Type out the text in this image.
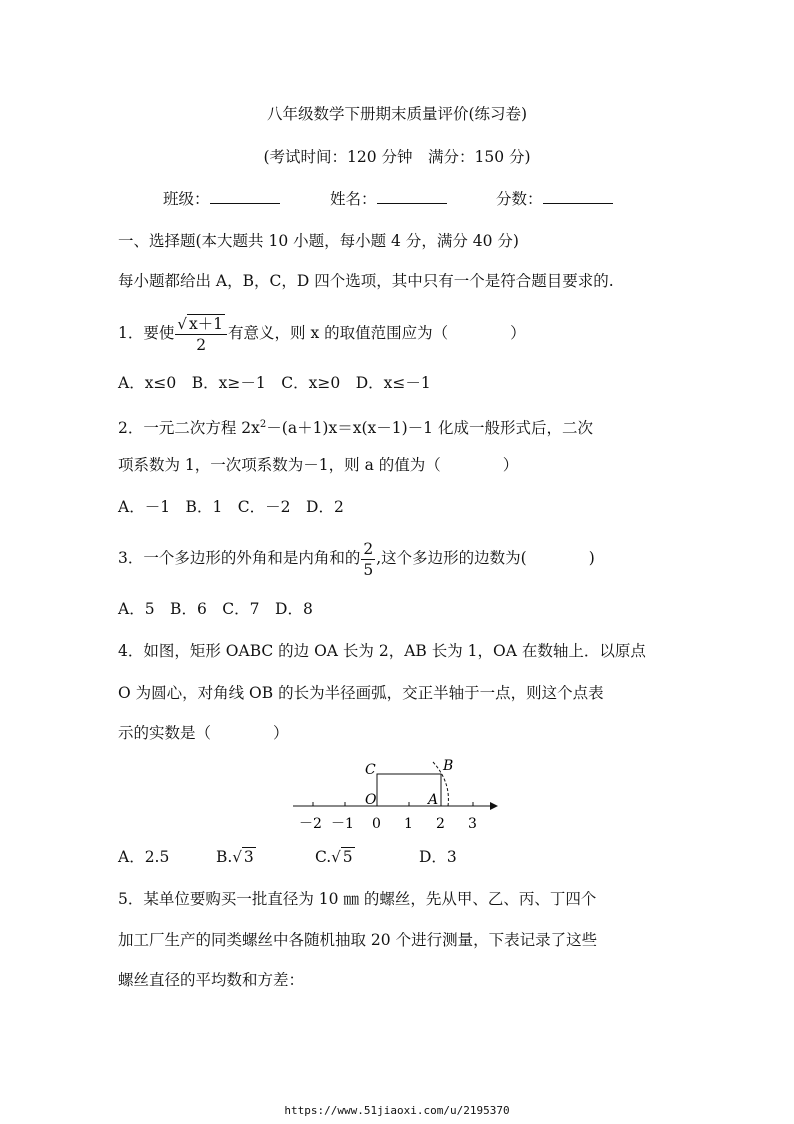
八年级数学下册期末质量评价(练习卷)
(考试时间：120 分钟　满分：150 分)
班级：	姓名：	分数：
一、选择题(本大题共 10 小题，每小题 4 分，满分 40 分)
每小题都给出 A，B，C，D 四个选项，其中只有一个是符合题目要求的.
1．要使 $\frac{√ x+1}{2}$ 有意义，则 x 的取值范围应为（　　　　）
A．x≤0　B．x≥－1　C．x≥0　D．x≤－1
2．一元二次方程 $2x^2-(a+1)x=x(x-1)-1$ 化成一般形式后，二次
项系数为 1，一次项系数为－1，则 a 的值为（　　　　）
A．－1　B．1　C．－2　D．2
3．一个多边形的外角和是内角和的 $\frac{2}{5}$ ,这个多边形的边数为(　　　　)
A．5　B．6　C．7　D．8
4．如图，矩形 OABC 的边 OA 长为 2，AB 长为 1，OA 在数轴上．以原点
O 为圆心，对角线 OB 的长为半径画弧，交正半轴于一点，则这个点表
示的实数是（　　　　）
C	B
O	A
－2 －1 0 1 2 3
A．2.5	B.√ 3	C.√ 5	D．3
5．某单位要购买一批直径为 10 ㎜ 的螺丝，先从甲、乙、丙、丁四个
加工厂生产的同类螺丝中各随机抽取 20 个进行测量，下表记录了这些
螺丝直径的平均数和方差：
https://www.51jiaoxi.com/u/2195370
